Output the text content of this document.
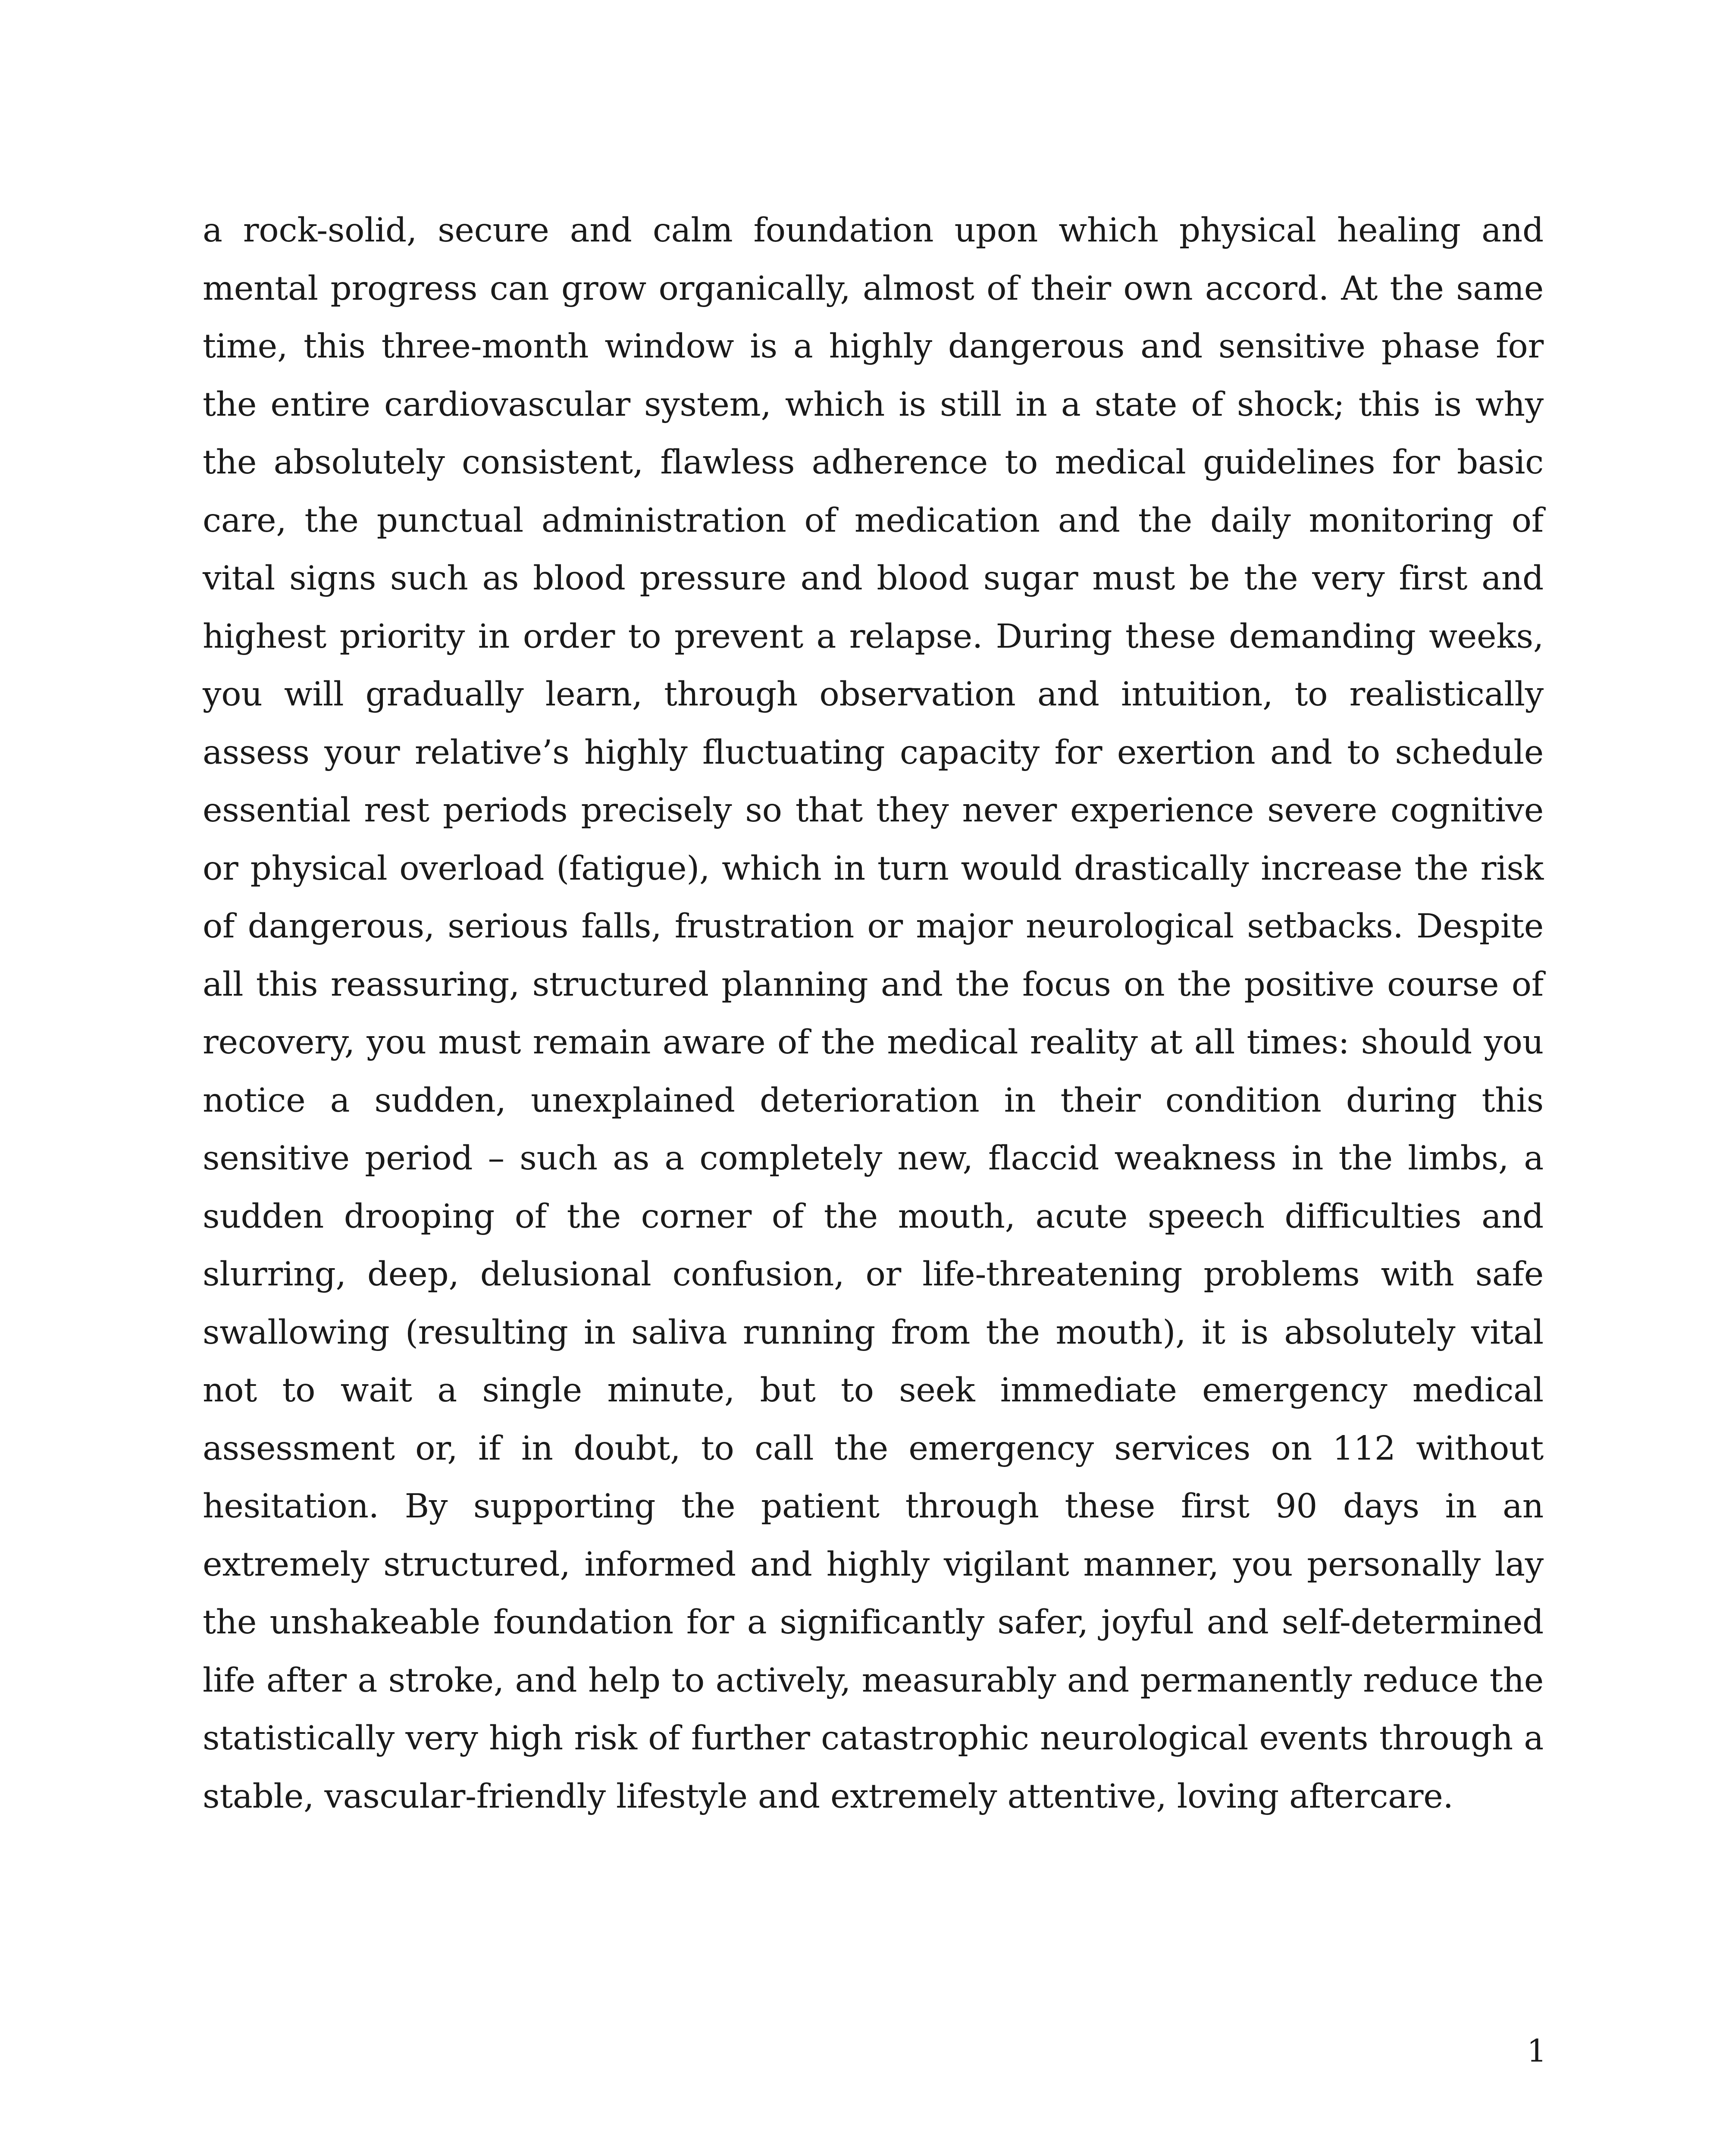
a rock-solid, secure and calm foundation upon which physical healing and mental progress can grow organically, almost of their own accord. At the same time, this three-month window is a highly dangerous and sensitive phase for the entire cardiovascular system, which is still in a state of shock; this is why the absolutely consistent, flawless adherence to medical guidelines for basic care, the punctual administration of medication and the daily monitoring of vital signs such as blood pressure and blood sugar must be the very first and highest priority in order to prevent a relapse. During these demanding weeks, you will gradually learn, through observation and intuition, to realistically assess your relative’s highly fluctuating capacity for exertion and to schedule essential rest periods precisely so that they never experience severe cognitive or physical overload (fatigue), which in turn would drastically increase the risk of dangerous, serious falls, frustration or major neurological setbacks. Despite all this reassuring, structured planning and the focus on the positive course of recovery, you must remain aware of the medical reality at all times: should you notice a sudden, unexplained deterioration in their condition during this sensitive period – such as a completely new, flaccid weakness in the limbs, a sudden drooping of the corner of the mouth, acute speech difficulties and slurring, deep, delusional confusion, or life-threatening problems with safe swallowing (resulting in saliva running from the mouth), it is absolutely vital not to wait a single minute, but to seek immediate emergency medical assessment or, if in doubt, to call the emergency services on 112 without hesitation. By supporting the patient through these first 90 days in an extremely structured, informed and highly vigilant manner, you personally lay the unshakeable foundation for a significantly safer, joyful and self-determined life after a stroke, and help to actively, measurably and permanently reduce the statistically very high risk of further catastrophic neurological events through a stable, vascular-friendly lifestyle and extremely attentive, loving aftercare.

1
